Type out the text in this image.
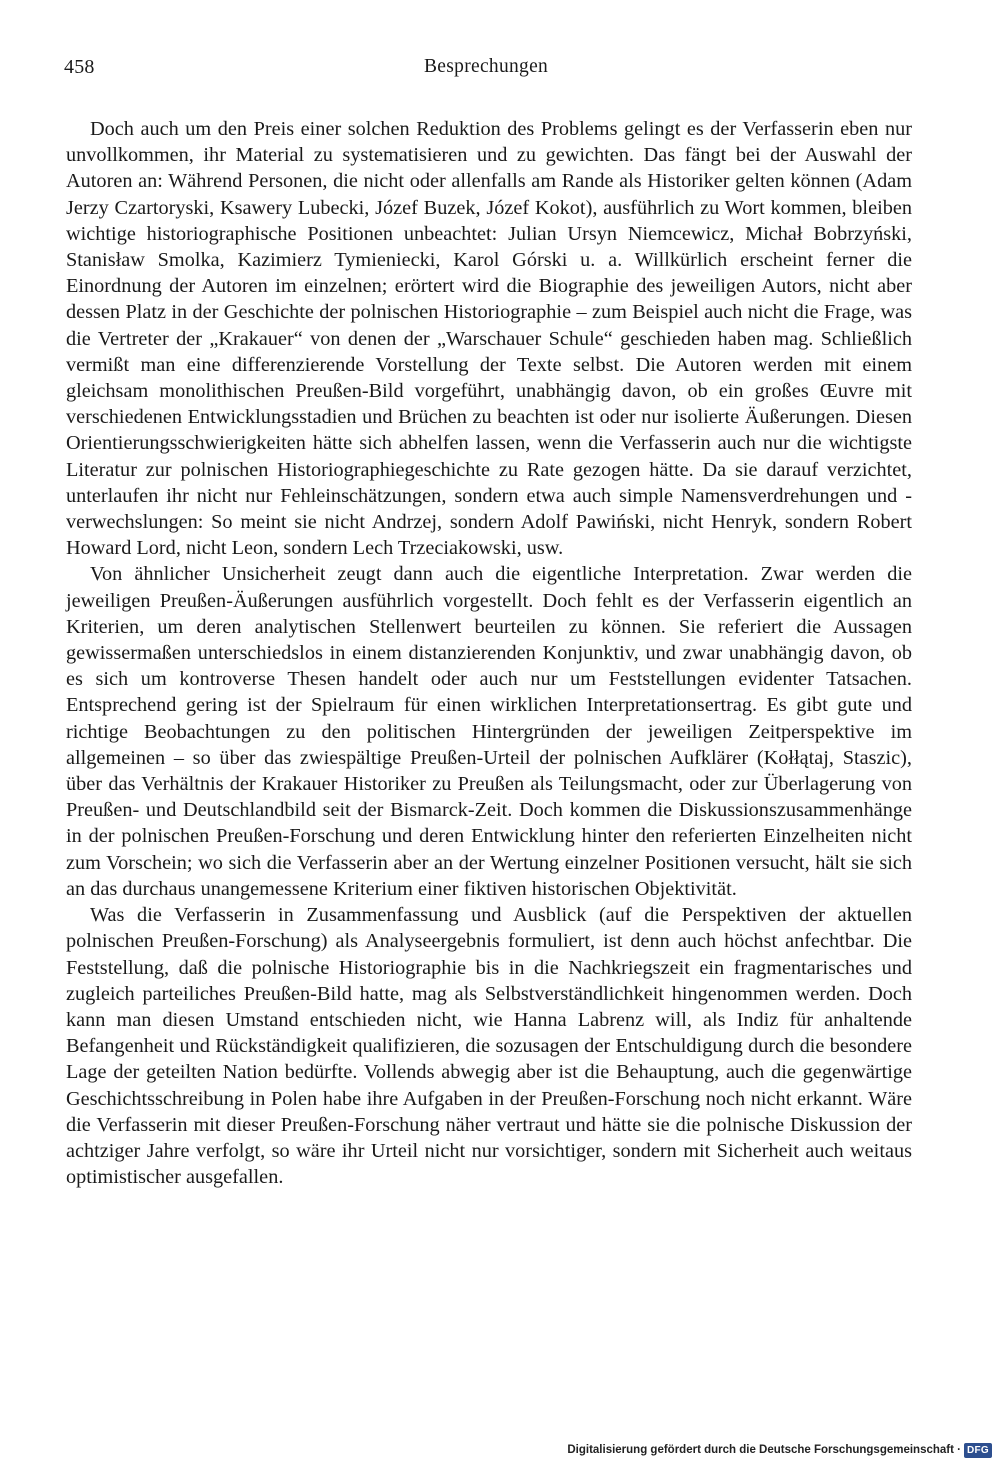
458	Besprechungen

Doch auch um den Preis einer solchen Reduktion des Problems gelingt es der Verfasserin eben nur unvollkommen, ihr Material zu systematisieren und zu gewichten. Das fängt bei der Auswahl der Autoren an: Während Personen, die nicht oder allenfalls am Rande als Historiker gelten können (Adam Jerzy Czartoryski, Ksawery Lubecki, Józef Buzek, Józef Kokot), ausführlich zu Wort kommen, bleiben wichtige historiographische Positionen unbeachtet: Julian Ursyn Niemcewicz, Michał Bobrzyński, Stanisław Smolka, Kazimierz Tymieniecki, Karol Górski u. a. Willkürlich erscheint ferner die Einordnung der Autoren im einzelnen; erörtert wird die Biographie des jeweiligen Autors, nicht aber dessen Platz in der Geschichte der polnischen Historiographie – zum Beispiel auch nicht die Frage, was die Vertreter der „Krakauer“ von denen der „Warschauer Schule“ geschieden haben mag. Schließlich vermißt man eine differenzierende Vorstellung der Texte selbst. Die Autoren werden mit einem gleichsam monolithischen Preußen-Bild vorgeführt, unabhängig davon, ob ein großes Œuvre mit verschiedenen Entwicklungsstadien und Brüchen zu beachten ist oder nur isolierte Äußerungen. Diesen Orientierungsschwierigkeiten hätte sich abhelfen lassen, wenn die Verfasserin auch nur die wichtigste Literatur zur polnischen Historiographiegeschichte zu Rate gezogen hätte. Da sie darauf verzichtet, unterlaufen ihr nicht nur Fehleinschätzungen, sondern etwa auch simple Namensverdrehungen und -verwechslungen: So meint sie nicht Andrzej, sondern Adolf Pawiński, nicht Henryk, sondern Robert Howard Lord, nicht Leon, sondern Lech Trzeciakowski, usw.

Von ähnlicher Unsicherheit zeugt dann auch die eigentliche Interpretation. Zwar werden die jeweiligen Preußen-Äußerungen ausführlich vorgestellt. Doch fehlt es der Verfasserin eigentlich an Kriterien, um deren analytischen Stellenwert beurteilen zu können. Sie referiert die Aussagen gewissermaßen unterschiedslos in einem distanzierenden Konjunktiv, und zwar unabhängig davon, ob es sich um kontroverse Thesen handelt oder auch nur um Feststellungen evidenter Tatsachen. Entsprechend gering ist der Spielraum für einen wirklichen Interpretationsertrag. Es gibt gute und richtige Beobachtungen zu den politischen Hintergründen der jeweiligen Zeitperspektive im allgemeinen – so über das zwiespältige Preußen-Urteil der polnischen Aufklärer (Kołłątaj, Staszic), über das Verhältnis der Krakauer Historiker zu Preußen als Teilungsmacht, oder zur Überlagerung von Preußen- und Deutschlandbild seit der Bismarck-Zeit. Doch kommen die Diskussionszusammenhänge in der polnischen Preußen-Forschung und deren Entwicklung hinter den referierten Einzelheiten nicht zum Vorschein; wo sich die Verfasserin aber an der Wertung einzelner Positionen versucht, hält sie sich an das durchaus unangemessene Kriterium einer fiktiven historischen Objektivität.

Was die Verfasserin in Zusammenfassung und Ausblick (auf die Perspektiven der aktuellen polnischen Preußen-Forschung) als Analyseergebnis formuliert, ist denn auch höchst anfechtbar. Die Feststellung, daß die polnische Historiographie bis in die Nachkriegszeit ein fragmentarisches und zugleich parteiliches Preußen-Bild hatte, mag als Selbstverständlichkeit hingenommen werden. Doch kann man diesen Umstand entschieden nicht, wie Hanna Labrenz will, als Indiz für anhaltende Befangenheit und Rückständigkeit qualifizieren, die sozusagen der Entschuldigung durch die besondere Lage der geteilten Nation bedürfte. Vollends abwegig aber ist die Behauptung, auch die gegenwärtige Geschichtsschreibung in Polen habe ihre Aufgaben in der Preußen-Forschung noch nicht erkannt. Wäre die Verfasserin mit dieser Preußen-Forschung näher vertraut und hätte sie die polnische Diskussion der achtziger Jahre verfolgt, so wäre ihr Urteil nicht nur vorsichtiger, sondern mit Sicherheit auch weitaus optimistischer ausgefallen.

Digitalisierung gefördert durch die Deutsche Forschungsgemeinschaft · DFG
